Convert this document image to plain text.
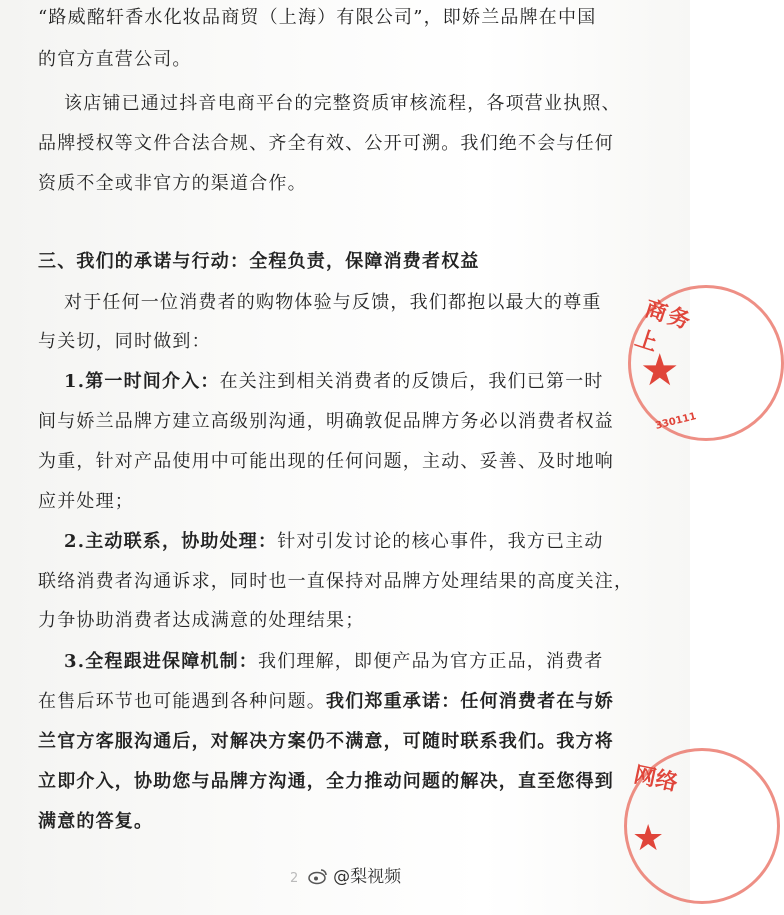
“路威酩轩香水化妆品商贸（上海）有限公司”，即娇兰品牌在中国
的官方直营公司。
该店铺已通过抖音电商平台的完整资质审核流程，各项营业执照、
品牌授权等文件合法合规、齐全有效、公开可溯。我们绝不会与任何
资质不全或非官方的渠道合作。
三、我们的承诺与行动：全程负责，保障消费者权益
对于任何一位消费者的购物体验与反馈，我们都抱以最大的尊重
与关切，同时做到：
1.第一时间介入：在关注到相关消费者的反馈后，我们已第一时
间与娇兰品牌方建立高级别沟通，明确敦促品牌方务必以消费者权益
为重，针对产品使用中可能出现的任何问题，主动、妥善、及时地响
应并处理；
2.主动联系，协助处理：针对引发讨论的核心事件，我方已主动
联络消费者沟通诉求，同时也一直保持对品牌方处理结果的高度关注，
力争协助消费者达成满意的处理结果；
3.全程跟进保障机制：我们理解，即便产品为官方正品，消费者
在售后环节也可能遇到各种问题。我们郑重承诺：任何消费者在与娇
兰官方客服沟通后，对解决方案仍不满意，可随时联系我们。我方将
立即介入，协助您与品牌方沟通，全力推动问题的解决，直至您得到
满意的答复。
商务上
★
330111
网络
★
2 @梨视频
